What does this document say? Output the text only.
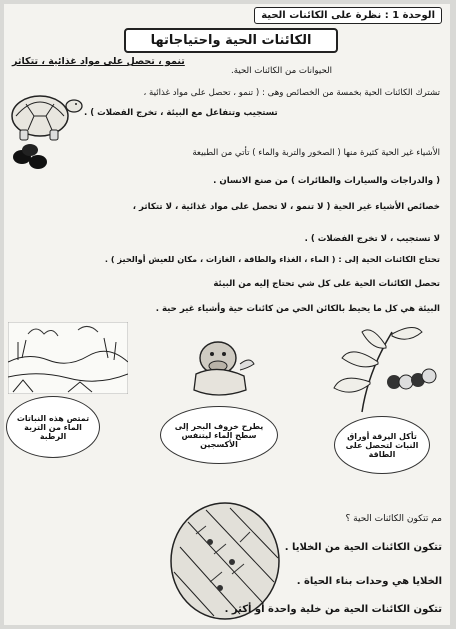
الوحدة 1 : نظرة على الكائنات الحية
الكائنات الحية واحتياجاتها
الحيوانات من الكائنات الحية.
تنمو ، تحصل على مواد غذائية ، تتكاثر
تشترك الكائنات الحية بخمسة من الخصائص وهى : ( تنمو ، تحصل على مواد غذائية ،
تستجيب وتتفاعل مع البيئة ، تخرج الفضلات ) .
الأشياء غير الحية كثيرة منها ( الصخور والتربة والماء ) تأتي من الطبيعة
( والدراجات والسيارات والطائرات ) من صنع الانسان .
خصائص الأشياء غير الحية ( لا تنمو ، لا تحصل على مواد غذائية ، لا تتكاثر ،
لا تستجيب ، لا تخرج الفضلات ) .
تحتاج الكائنات الحية إلى : ( الماء ، الغذاء والطاقة ، الغازات ، مكان للعيش أوالحيز ) .
تحصل الكائنات الحية على كل شي تحتاج إليه من البيئة
البيئة هي كل ما يحيط بالكائن الحي من كائنات حية وأشياء غير حية .
تمتص هذه النباتات الماء من التربة الرطبة
يطرح خروف البحر إلى سطح الماء ليتنفس الأكسجين
تأكل اليرقة أوراق النبات لتحصل على الطاقة
مم تتكون الكائنات الحية ؟
تتكون الكائنات الحية من الخلايا .
الخلايا هي وحدات بناء الحياة .
تتكون الكائنات الحية من خلية واحدة أو أكثر .
